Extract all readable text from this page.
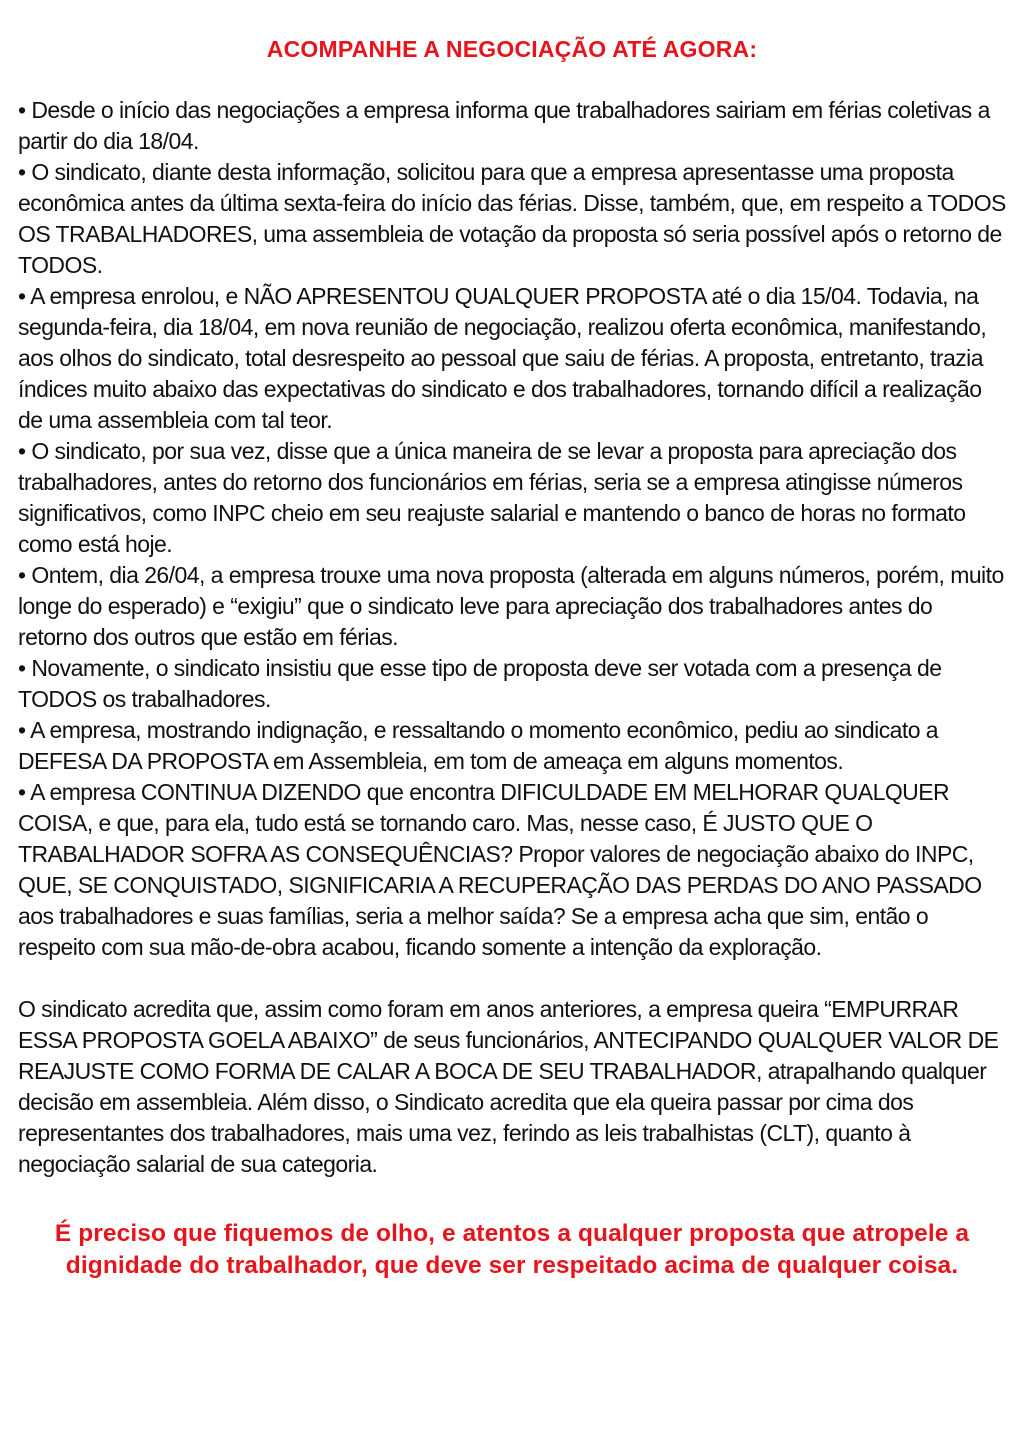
ACOMPANHE A NEGOCIAÇÃO ATÉ AGORA:

• Desde o início das negociações a empresa informa que trabalhadores sairiam em férias coletivas a partir do dia 18/04.

• O sindicato, diante desta informação, solicitou para que a empresa apresentasse uma proposta econômica antes da última sexta-feira do início das férias. Disse, também, que, em respeito a TODOS OS TRABALHADORES, uma assembleia de votação da proposta só seria possível após o retorno de TODOS.

• A empresa enrolou, e NÃO APRESENTOU QUALQUER PROPOSTA até o dia 15/04. Todavia, na segunda-feira, dia 18/04, em nova reunião de negociação, realizou oferta econômica, manifestando, aos olhos do sindicato, total desrespeito ao pessoal que saiu de férias. A proposta, entretanto, trazia índices muito abaixo das expectativas do sindicato e dos trabalhadores, tornando difícil a realização de uma assembleia com tal teor.

• O sindicato, por sua vez, disse que a única maneira de se levar a proposta para apreciação dos trabalhadores, antes do retorno dos funcionários em férias, seria se a empresa atingisse números significativos, como INPC cheio em seu reajuste salarial e mantendo o banco de horas no formato como está hoje.

• Ontem, dia 26/04, a empresa trouxe uma nova proposta (alterada em alguns números, porém, muito longe do esperado) e “exigiu” que o sindicato leve para apreciação dos trabalhadores antes do retorno dos outros que estão em férias.

• Novamente, o sindicato insistiu que esse tipo de proposta deve ser votada com a presença de TODOS os trabalhadores.

• A empresa, mostrando indignação, e ressaltando o momento econômico, pediu ao sindicato a DEFESA DA PROPOSTA em Assembleia, em tom de ameaça em alguns momentos.

• A empresa CONTINUA DIZENDO que encontra DIFICULDADE EM MELHORAR QUALQUER COISA, e que, para ela, tudo está se tornando caro. Mas, nesse caso, É JUSTO QUE O TRABALHADOR SOFRA AS CONSEQUÊNCIAS? Propor valores de negociação abaixo do INPC, QUE, SE CONQUISTADO, SIGNIFICARIA A RECUPERAÇÃO DAS PERDAS DO ANO PASSADO aos trabalhadores e suas famílias, seria a melhor saída? Se a empresa acha que sim, então o respeito com sua mão-de-obra acabou, ficando somente a intenção da exploração.

O sindicato acredita que, assim como foram em anos anteriores, a empresa queira “EMPURRAR ESSA PROPOSTA GOELA ABAIXO” de seus funcionários, ANTECIPANDO QUALQUER VALOR DE REAJUSTE COMO FORMA DE CALAR A BOCA DE SEU TRABALHADOR, atrapalhando qualquer decisão em assembleia. Além disso, o Sindicato acredita que ela queira passar por cima dos representantes dos trabalhadores, mais uma vez, ferindo as leis trabalhistas (CLT), quanto à negociação salarial de sua categoria.

É preciso que fiquemos de olho, e atentos a qualquer proposta que atropele a dignidade do trabalhador, que deve ser respeitado acima de qualquer coisa.
